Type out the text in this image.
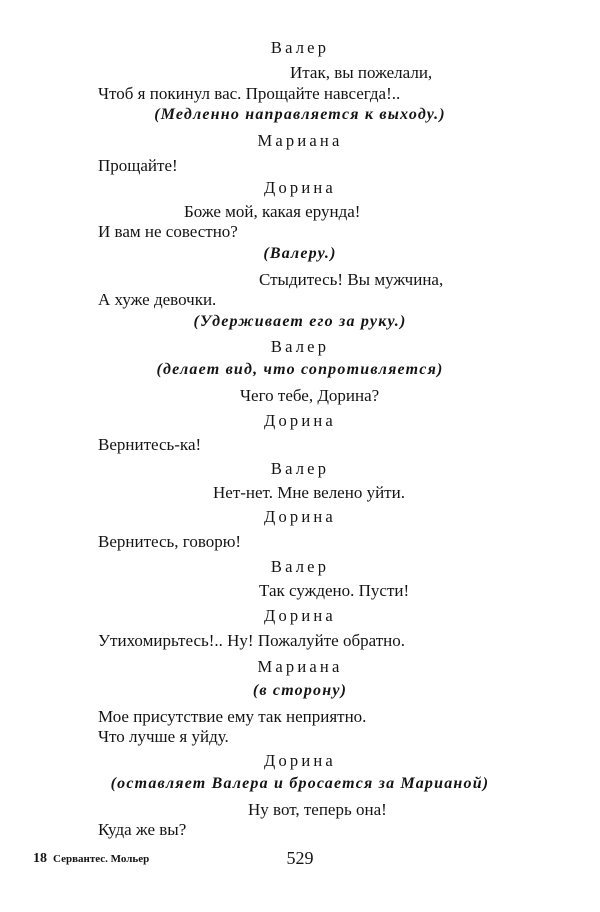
Валер
Итак, вы пожелали,
Чтоб я покинул вас. Прощайте навсегда!..
(Медленно направляется к выходу.)
Мариана
Прощайте!
Дорина
Боже мой, какая ерунда!
И вам не совестно?
(Валеру.)
Стыдитесь! Вы мужчина,
А хуже девочки.
(Удерживает его за руку.)
Валер
(делает вид, что сопротивляется)
Чего тебе, Дорина?
Дорина
Вернитесь-ка!
Валер
Нет-нет. Мне велено уйти.
Дорина
Вернитесь, говорю!
Валер
Так суждено. Пусти!
Дорина
Утихомирьтесь!.. Ну! Пожалуйте обратно.
Мариана
(в сторону)
Мое присутствие ему так неприятно.
Что лучше я уйду.
Дорина
(оставляет Валера и бросается за Марианой)
Ну вот, теперь она!
Куда же вы?
18 Сервантес. Мольер	529
